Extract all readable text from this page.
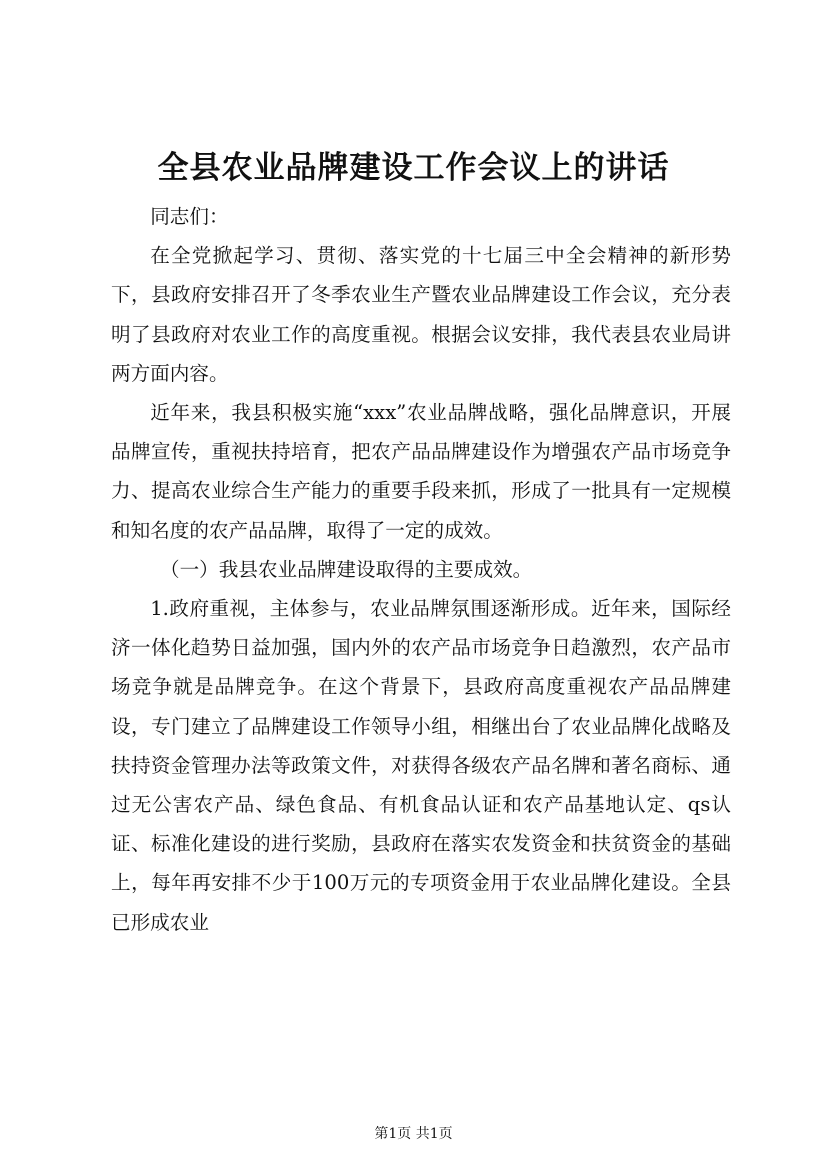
全县农业品牌建设工作会议上的讲话

同志们：

在全党掀起学习、贯彻、落实党的十七届三中全会精神的新形势下，县政府安排召开了冬季农业生产暨农业品牌建设工作会议，充分表明了县政府对农业工作的高度重视。根据会议安排，我代表县农业局讲两方面内容。

近年来，我县积极实施“xxx”农业品牌战略，强化品牌意识，开展品牌宣传，重视扶持培育，把农产品品牌建设作为增强农产品市场竞争力、提高农业综合生产能力的重要手段来抓，形成了一批具有一定规模和知名度的农产品品牌，取得了一定的成效。

（一）我县农业品牌建设取得的主要成效。

1.政府重视，主体参与，农业品牌氛围逐渐形成。近年来，国际经济一体化趋势日益加强，国内外的农产品市场竞争日趋激烈，农产品市场竞争就是品牌竞争。在这个背景下，县政府高度重视农产品品牌建设，专门建立了品牌建设工作领导小组，相继出台了农业品牌化战略及扶持资金管理办法等政策文件，对获得各级农产品名牌和著名商标、通过无公害农产品、绿色食品、有机食品认证和农产品基地认定、qs认证、标准化建设的进行奖励，县政府在落实农发资金和扶贫资金的基础上，每年再安排不少于100万元的专项资金用于农业品牌化建设。全县已形成农业

第1页 共1页
